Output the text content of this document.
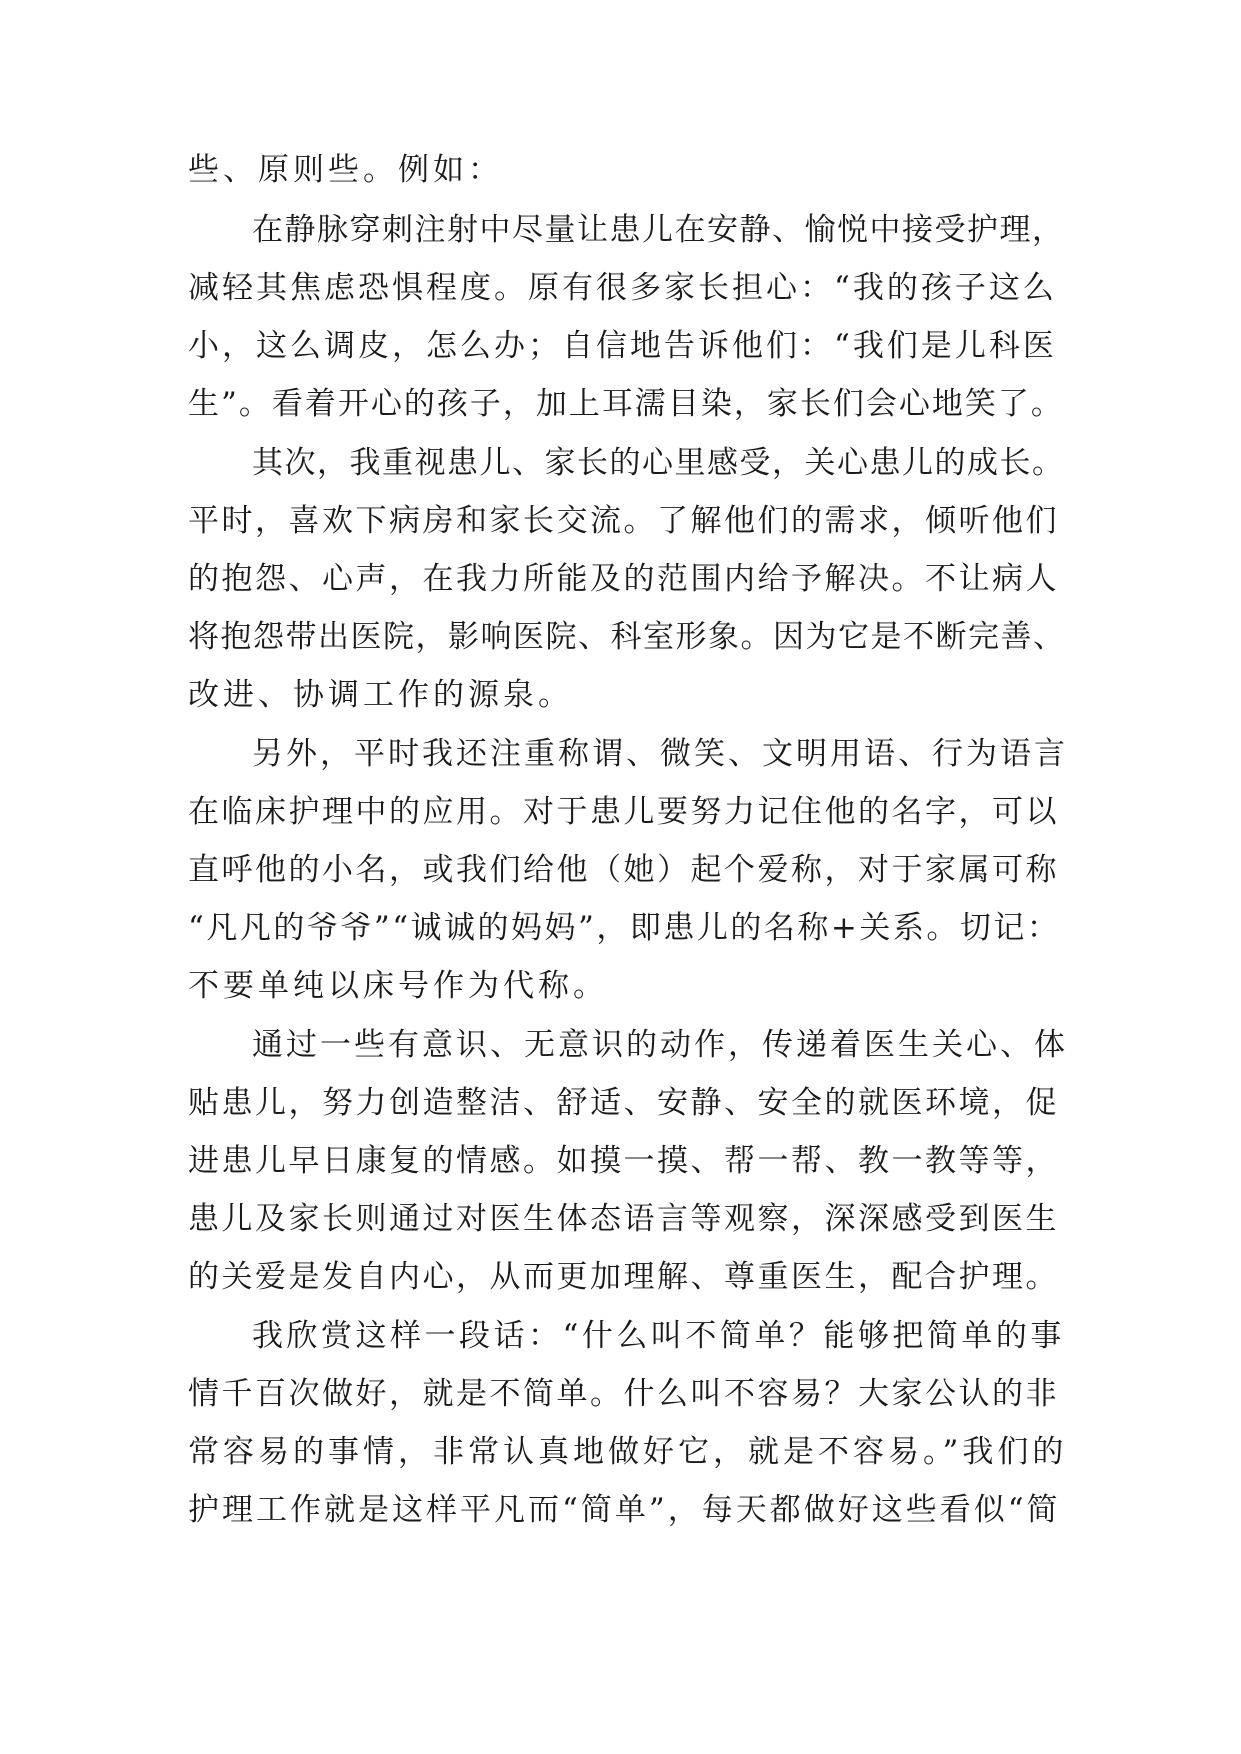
些、原则些。例如：
在静脉穿刺注射中尽量让患儿在安静、愉悦中接受护理，
减轻其焦虑恐惧程度。原有很多家长担心：“我的孩子这么
小，这么调皮，怎么办；自信地告诉他们：“我们是儿科医
生”。看着开心的孩子，加上耳濡目染，家长们会心地笑了。
其次，我重视患儿、家长的心里感受，关心患儿的成长。
平时，喜欢下病房和家长交流。了解他们的需求，倾听他们
的抱怨、心声，在我力所能及的范围内给予解决。不让病人
将抱怨带出医院，影响医院、科室形象。因为它是不断完善、
改进、协调工作的源泉。
另外，平时我还注重称谓、微笑、文明用语、行为语言
在临床护理中的应用。对于患儿要努力记住他的名字，可以
直呼他的小名，或我们给他（她）起个爱称，对于家属可称
“凡凡的爷爷”“诚诚的妈妈”，即患儿的名称+关系。切记：
不要单纯以床号作为代称。
通过一些有意识、无意识的动作，传递着医生关心、体
贴患儿，努力创造整洁、舒适、安静、安全的就医环境，促
进患儿早日康复的情感。如摸一摸、帮一帮、教一教等等，
患儿及家长则通过对医生体态语言等观察，深深感受到医生
的关爱是发自内心，从而更加理解、尊重医生，配合护理。
我欣赏这样一段话：“什么叫不简单？能够把简单的事
情千百次做好，就是不简单。什么叫不容易？大家公认的非
常容易的事情，非常认真地做好它，就是不容易。”我们的
护理工作就是这样平凡而“简单”，每天都做好这些看似“简
